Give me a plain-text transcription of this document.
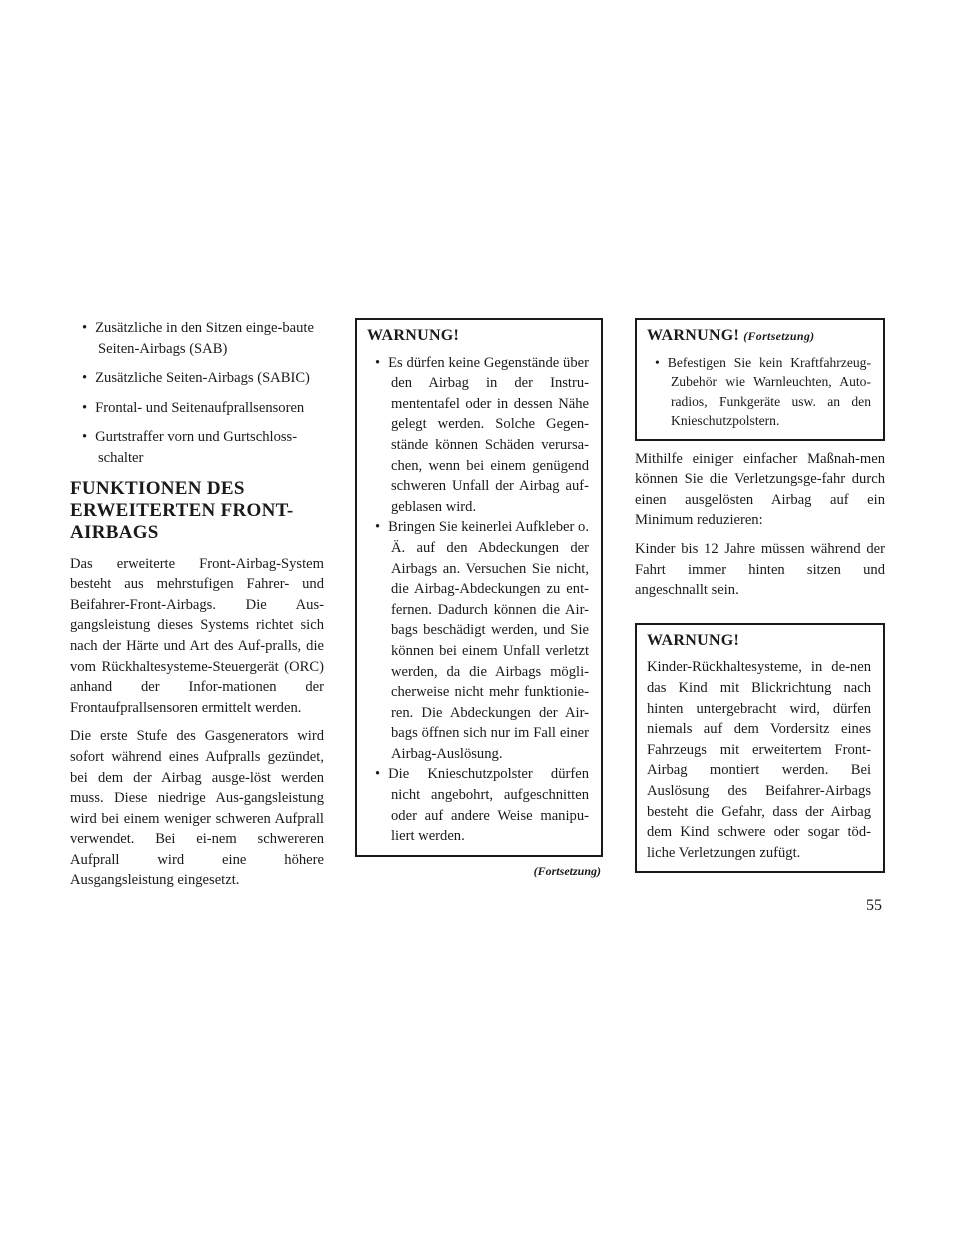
• Zusätzliche in den Sitzen einge-baute Seiten-Airbags (SAB)
• Zusätzliche Seiten-Airbags (SABIC)
• Frontal- und Seitenaufprallsensoren
• Gurtstraffer vorn und Gurtschloss-schalter
FUNKTIONEN DES ERWEITERTEN FRONT-AIRBAGS

Das erweiterte Front-Airbag-System besteht aus mehrstufigen Fahrer- und Beifahrer-Front-Airbags. Die Aus-gangsleistung dieses Systems richtet sich nach der Härte und Art des Auf-pralls, die vom Rückhaltesysteme-Steuergerät (ORC) anhand der Infor-mationen der Frontaufprallsensoren ermittelt werden.

Die erste Stufe des Gasgenerators wird sofort während eines Aufpralls gezündet, bei dem der Airbag ausge-löst werden muss. Diese niedrige Aus-gangsleistung wird bei einem weniger schweren Aufprall verwendet. Bei ei-nem schwereren Aufprall wird eine höhere Ausgangsleistung eingesetzt.

WARNUNG!
• Es dürfen keine Gegenstände über den Airbag in der Instru-mententafel oder in dessen Nähe gelegt werden. Solche Gegen-stände können Schäden verursa-chen, wenn bei einem genügend schweren Unfall der Airbag auf-geblasen wird.
• Bringen Sie keinerlei Aufkleber o. Ä. auf den Abdeckungen der Airbags an. Versuchen Sie nicht, die Airbag-Abdeckungen zu ent-fernen. Dadurch können die Air-bags beschädigt werden, und Sie können bei einem Unfall verletzt werden, da die Airbags mögli-cherweise nicht mehr funktionie-ren. Die Abdeckungen der Air-bags öffnen sich nur im Fall einer Airbag-Auslösung.
• Die Knieschutzpolster dürfen nicht angebohrt, aufgeschnitten oder auf andere Weise manipu-liert werden.
(Fortsetzung)
WARNUNG! (Fortsetzung)
• Befestigen Sie kein Kraftfahrzeug-Zubehör wie Warnleuchten, Auto-radios, Funkgeräte usw. an den Knieschutzpolstern.

Mithilfe einiger einfacher Maßnah-men können Sie die Verletzungsge-fahr durch einen ausgelösten Airbag auf ein Minimum reduzieren:

Kinder bis 12 Jahre müssen während der Fahrt immer hinten sitzen und angeschnallt sein.

WARNUNG!

Kinder-Rückhaltesysteme, in de-nen das Kind mit Blickrichtung nach hinten untergebracht wird, dürfen niemals auf dem Vordersitz eines Fahrzeugs mit erweitertem Front-Airbag montiert werden. Bei Auslösung des Beifahrer-Airbags besteht die Gefahr, dass der Airbag dem Kind schwere oder sogar töd-liche Verletzungen zufügt.

55
